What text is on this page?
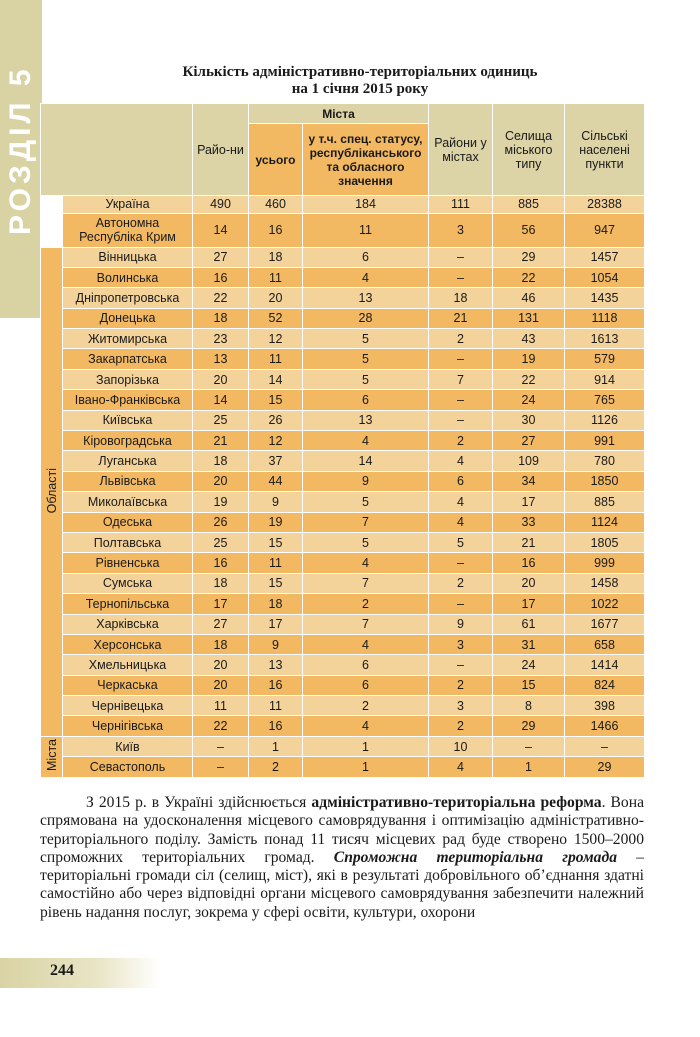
РОЗДІЛ 5	Кількість адміністративно-територіальних одиниць
на 1 січня 2015 року
		Райо-ни	Міста		Райони у містах	Селища міського типу	Сільські населені пункти
			усього	у т.ч. спец. статусу, республіканського та обласного значення			
	Україна	490	460	184	111	885	28388
	Автономна Республіка Крим	14	16	11	3	56	947
Області	Вінницька	27	18	6	–	29	1457
	Волинська	16	11	4	–	22	1054
	Дніпропетровська	22	20	13	18	46	1435
	Донецька	18	52	28	21	131	1118
	Житомирська	23	12	5	2	43	1613
	Закарпатська	13	11	5	–	19	579
	Запорізька	20	14	5	7	22	914
	Івано-Франківська	14	15	6	–	24	765
	Київська	25	26	13	–	30	1126
	Кіровоградська	21	12	4	2	27	991
	Луганська	18	37	14	4	109	780
	Львівська	20	44	9	6	34	1850
	Миколаївська	19	9	5	4	17	885
	Одеська	26	19	7	4	33	1124
	Полтавська	25	15	5	5	21	1805
	Рівненська	16	11	4	–	16	999
	Сумська	18	15	7	2	20	1458
	Тернопільська	17	18	2	–	17	1022
	Харківська	27	17	7	9	61	1677
	Херсонська	18	9	4	3	31	658
	Хмельницька	20	13	6	–	24	1414
	Черкаська	20	16	6	2	15	824
	Чернівецька	11	11	2	3	8	398
	Чернігівська	22	16	4	2	29	1466
Міста	Київ	–	1	1	10	–	–
	Севастополь	–	2	1	4	1	29
З 2015 р. в Україні здійснюється адміністративно-територіальна реформа. Вона спрямована на удосконалення місцевого самоврядування і оптимізацію адміністративно-територіального поділу. Замість понад 11 тисяч місцевих рад буде створено 1500–2000 спроможних територіальних громад. Спроможна територіальна громада – територіальні громади сіл (селищ, міст), які в результаті добровільного об’єднання здатні самостійно або через відповідні органи місцевого самоврядування забезпечити належний рівень надання послуг, зокрема у сфері освіти, культури, охорони
244
